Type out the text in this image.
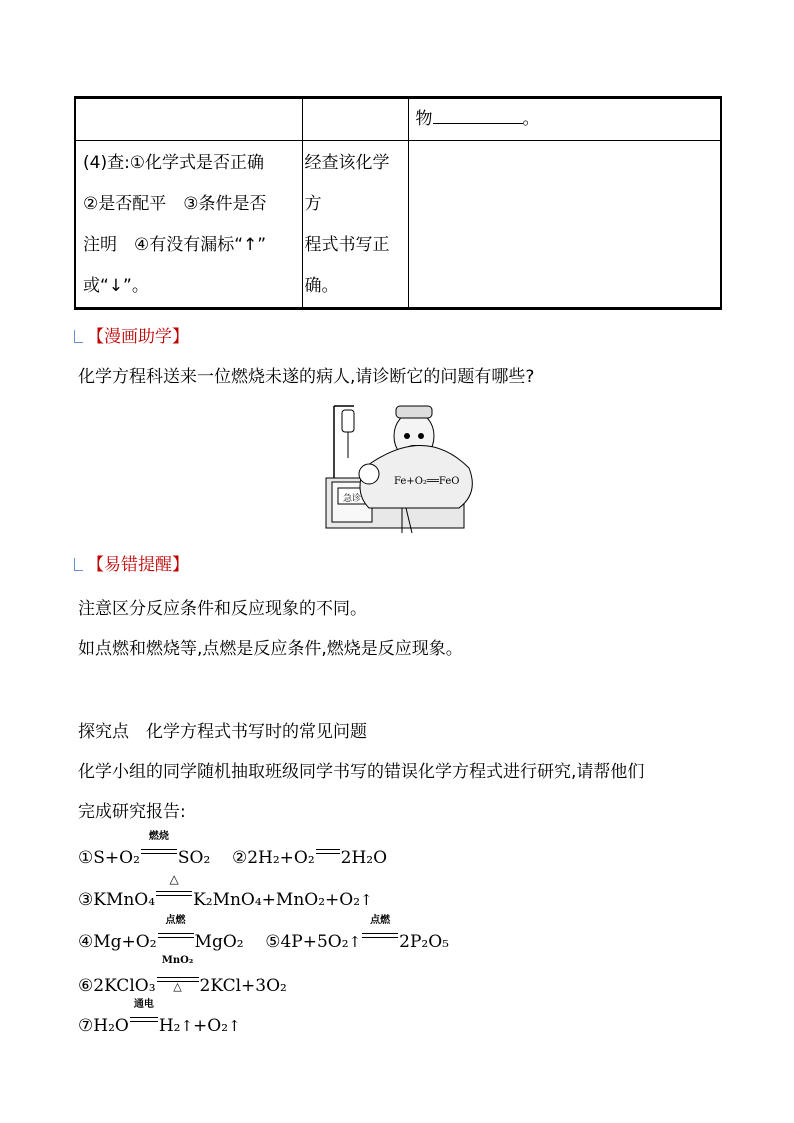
		物 。

(4)查:①化学式是否正确
②是否配平　③条件是否
注明　④有没有漏标“↑”
或“↓”。	经查该化学
方
程式书写正
确。	

【漫画助学】
化学方程科送来一位燃烧未遂的病人,请诊断它的问题有哪些?
急诊
Fe+O₂══FeO
【易错提醒】
注意区分反应条件和反应现象的不同。
如点燃和燃烧等,点燃是反应条件,燃烧是反应现象。
探究点　化学方程式书写时的常见问题
化学小组的同学随机抽取班级同学书写的错误化学方程式进行研究,请帮他们
完成研究报告:
①S+O₂
燃烧
SO₂ ②2H₂+O₂ 2H₂O
③KMnO₄
△
K₂MnO₄+MnO₂+O₂↑
④Mg+O₂
点燃
MgO₂ ⑤4P+5O₂↑
点燃
2P₂O₅
⑥2KClO₃
MnO₂
△	2KCl+3O₂
⑦H₂O
通电
H₂↑+O₂↑
